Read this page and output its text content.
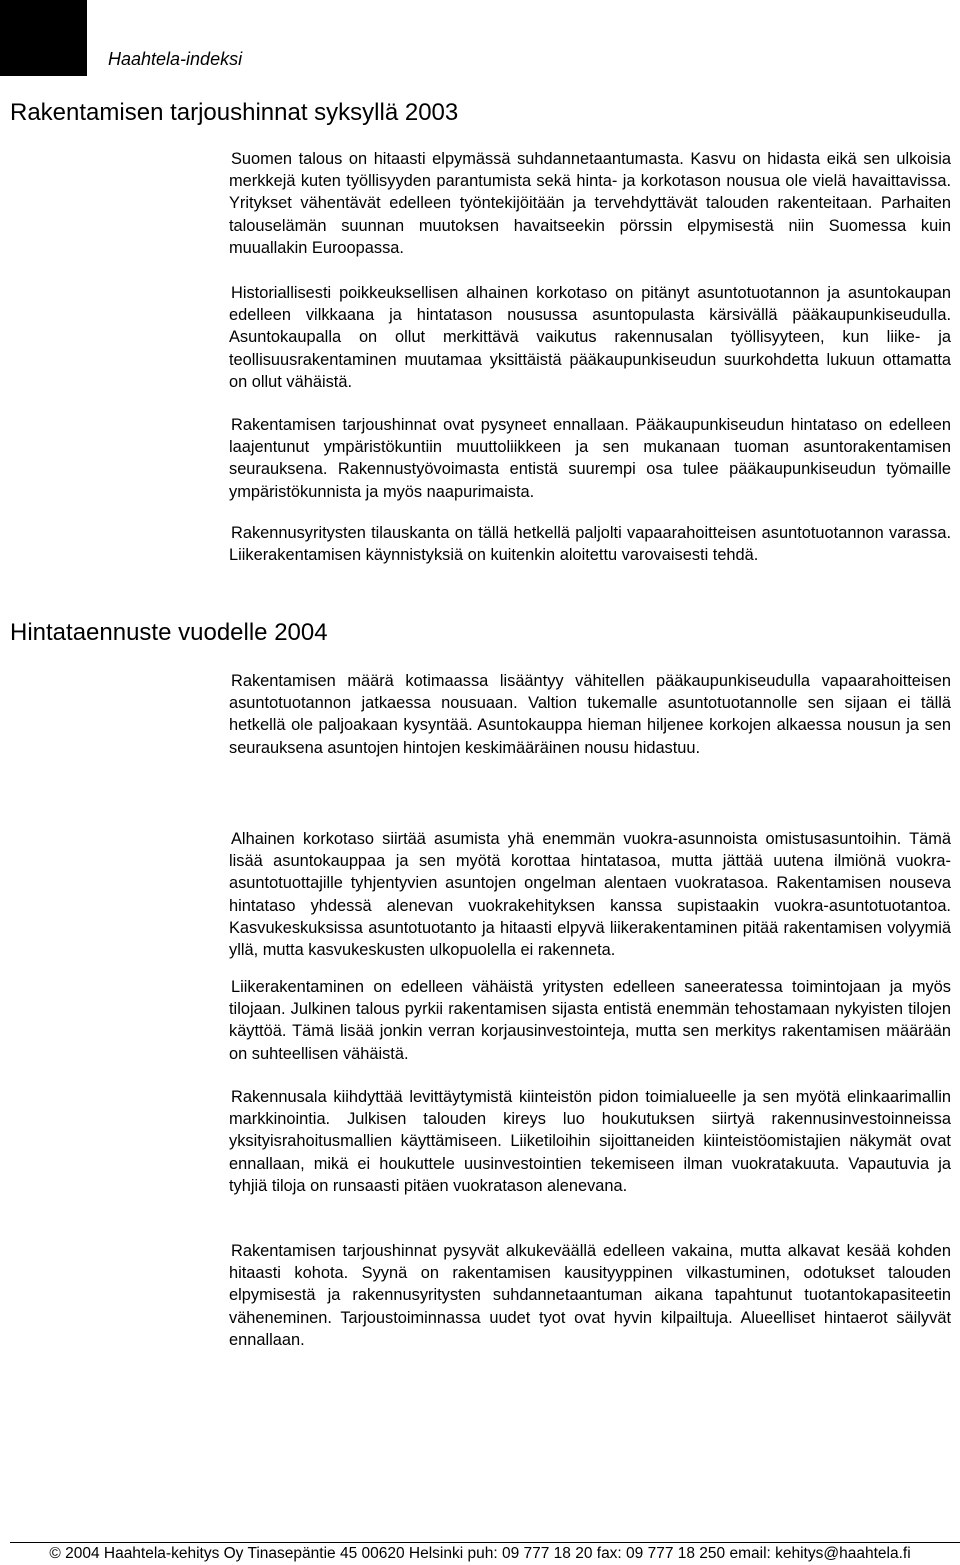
Haahtela-indeksi
Rakentamisen tarjoushinnat syksyllä 2003

Suomen talous on hitaasti elpymässä suhdannetaantumasta. Kasvu on hidasta eikä sen ulkoisia merkkejä kuten työllisyyden parantumista sekä hinta- ja korkotason nousua ole vielä havaittavissa. Yritykset vähentävät edelleen työntekijöitään ja tervehdyttävät talouden rakenteitaan. Parhaiten talouselämän suunnan muutoksen havaitseekin pörssin elpymisestä niin Suomessa kuin muuallakin Euroopassa.

Historiallisesti poikkeuksellisen alhainen korkotaso on pitänyt asuntotuotannon ja asuntokaupan edelleen vilkkaana ja hintatason nousussa asuntopulasta kärsivällä pääkaupunkiseudulla. Asuntokaupalla on ollut merkittävä vaikutus rakennusalan työllisyyteen, kun liike- ja teollisuusrakentaminen muutamaa yksittäistä pääkaupunkiseudun suurkohdetta lukuun ottamatta on ollut vähäistä.

Rakentamisen tarjoushinnat ovat pysyneet ennallaan. Pääkaupunkiseudun hintataso on edelleen laajentunut ympäristökuntiin muuttoliikkeen ja sen mukanaan tuoman asuntorakentamisen seurauksena. Rakennustyövoimasta entistä suurempi osa tulee pääkaupunkiseudun työmaille ympäristökunnista ja myös naapurimaista.

Rakennusyritysten tilauskanta on tällä hetkellä paljolti vapaarahoitteisen asuntotuotannon varassa. Liikerakentamisen käynnistyksiä on kuitenkin aloitettu varovaisesti tehdä.

Hintataennuste vuodelle 2004

Rakentamisen määrä kotimaassa lisääntyy vähitellen pääkaupunkiseudulla vapaarahoitteisen asuntotuotannon jatkaessa nousuaan. Valtion tukemalle asuntotuotannolle sen sijaan ei tällä hetkellä ole paljoakaan kysyntää. Asuntokauppa hieman hiljenee korkojen alkaessa nousun ja sen seurauksena asuntojen hintojen keskimääräinen nousu hidastuu.

Alhainen korkotaso siirtää asumista yhä enemmän vuokra-asunnoista omistusasuntoihin. Tämä lisää asuntokauppaa ja sen myötä korottaa hintatasoa, mutta jättää uutena ilmiönä vuokra-asuntotuottajille tyhjentyvien asuntojen ongelman alentaen vuokratasoa. Rakentamisen nouseva hintataso yhdessä alenevan vuokrakehityksen kanssa supistaakin vuokra-asuntotuotantoa. Kasvukeskuksissa asuntotuotanto ja hitaasti elpyvä liikerakentaminen pitää rakentamisen volyymiä yllä, mutta kasvukeskusten ulkopuolella ei rakenneta.

Liikerakentaminen on edelleen vähäistä yritysten edelleen saneeratessa toimintojaan ja myös tilojaan. Julkinen talous pyrkii rakentamisen sijasta entistä enemmän tehostamaan nykyisten tilojen käyttöä. Tämä lisää jonkin verran korjausinvestointeja, mutta sen merkitys rakentamisen määrään on suhteellisen vähäistä.

Rakennusala kiihdyttää levittäytymistä kiinteistön pidon toimialueelle ja sen myötä elinkaarimallin markkinointia. Julkisen talouden kireys luo houkutuksen siirtyä rakennusinvestoinneissa yksityisrahoitusmallien käyttämiseen. Liiketiloihin sijoittaneiden kiinteistöomistajien näkymät ovat ennallaan, mikä ei houkuttele uusinvestointien tekemiseen ilman vuokratakuuta. Vapautuvia ja tyhjiä tiloja on runsaasti pitäen vuokratason alenevana.

Rakentamisen tarjoushinnat pysyvät alkukeväällä edelleen vakaina, mutta alkavat kesää kohden hitaasti kohota. Syynä on rakentamisen kausityyppinen vilkastuminen, odotukset talouden elpymisestä ja rakennusyritysten suhdannetaantuman aikana tapahtunut tuotantokapasiteetin väheneminen. Tarjoustoiminnassa uudet tyot ovat hyvin kilpailtuja. Alueelliset hintaerot säilyvät ennallaan.

© 2004 Haahtela-kehitys Oy Tinasepäntie 45 00620 Helsinki puh: 09 777 18 20 fax: 09 777 18 250 email: kehitys@haahtela.fi
